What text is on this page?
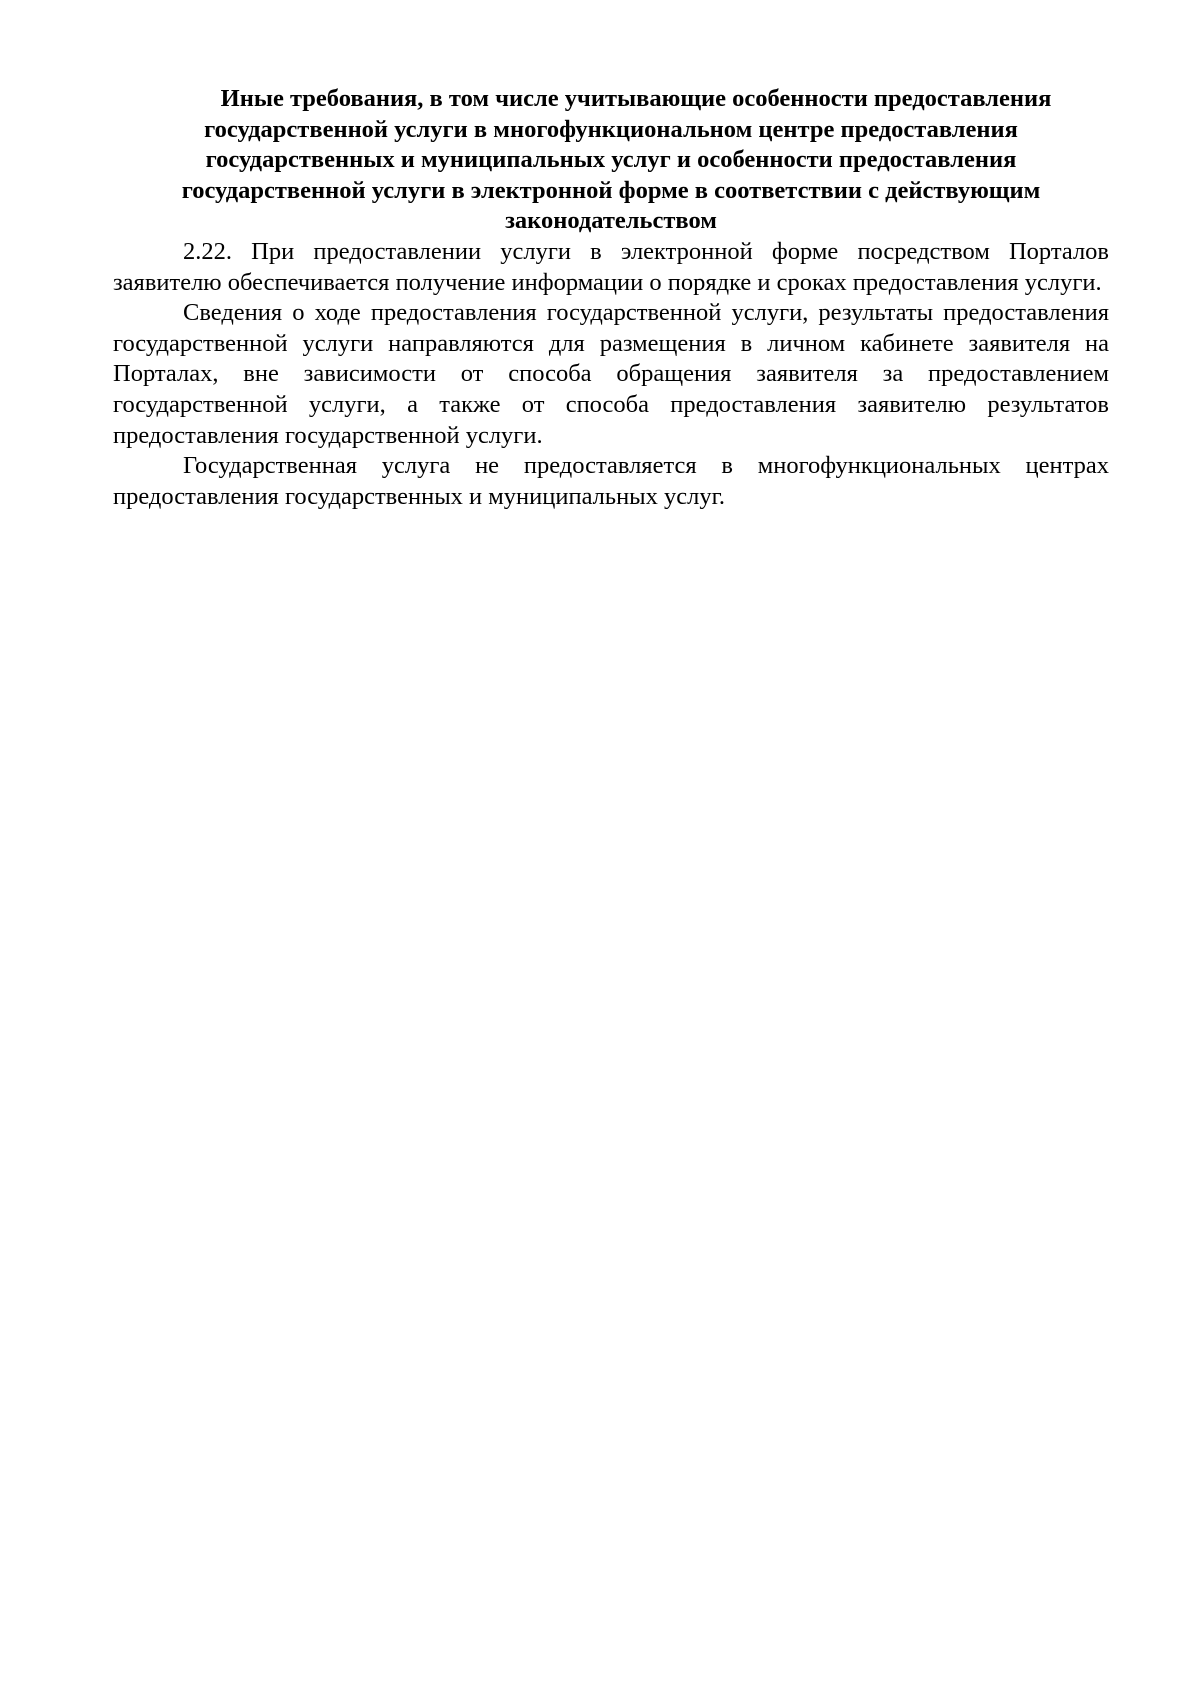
Иные требования, в том числе учитывающие особенности предоставления государственной услуги в многофункциональном центре предоставления государственных и муниципальных услуг и особенности предоставления государственной услуги в электронной форме в соответствии с действующим законодательством

2.22. При предоставлении услуги в электронной форме посредством Порталов заявителю обеспечивается получение информации о порядке и сроках предоставления услуги.

Сведения о ходе предоставления государственной услуги, результаты предоставления государственной услуги направляются для размещения в личном кабинете заявителя на Порталах, вне зависимости от способа обращения заявителя за предоставлением государственной услуги, а также от способа предоставления заявителю результатов предоставления государственной услуги.

Государственная услуга не предоставляется в многофункциональных центрах предоставления государственных и муниципальных услуг.
